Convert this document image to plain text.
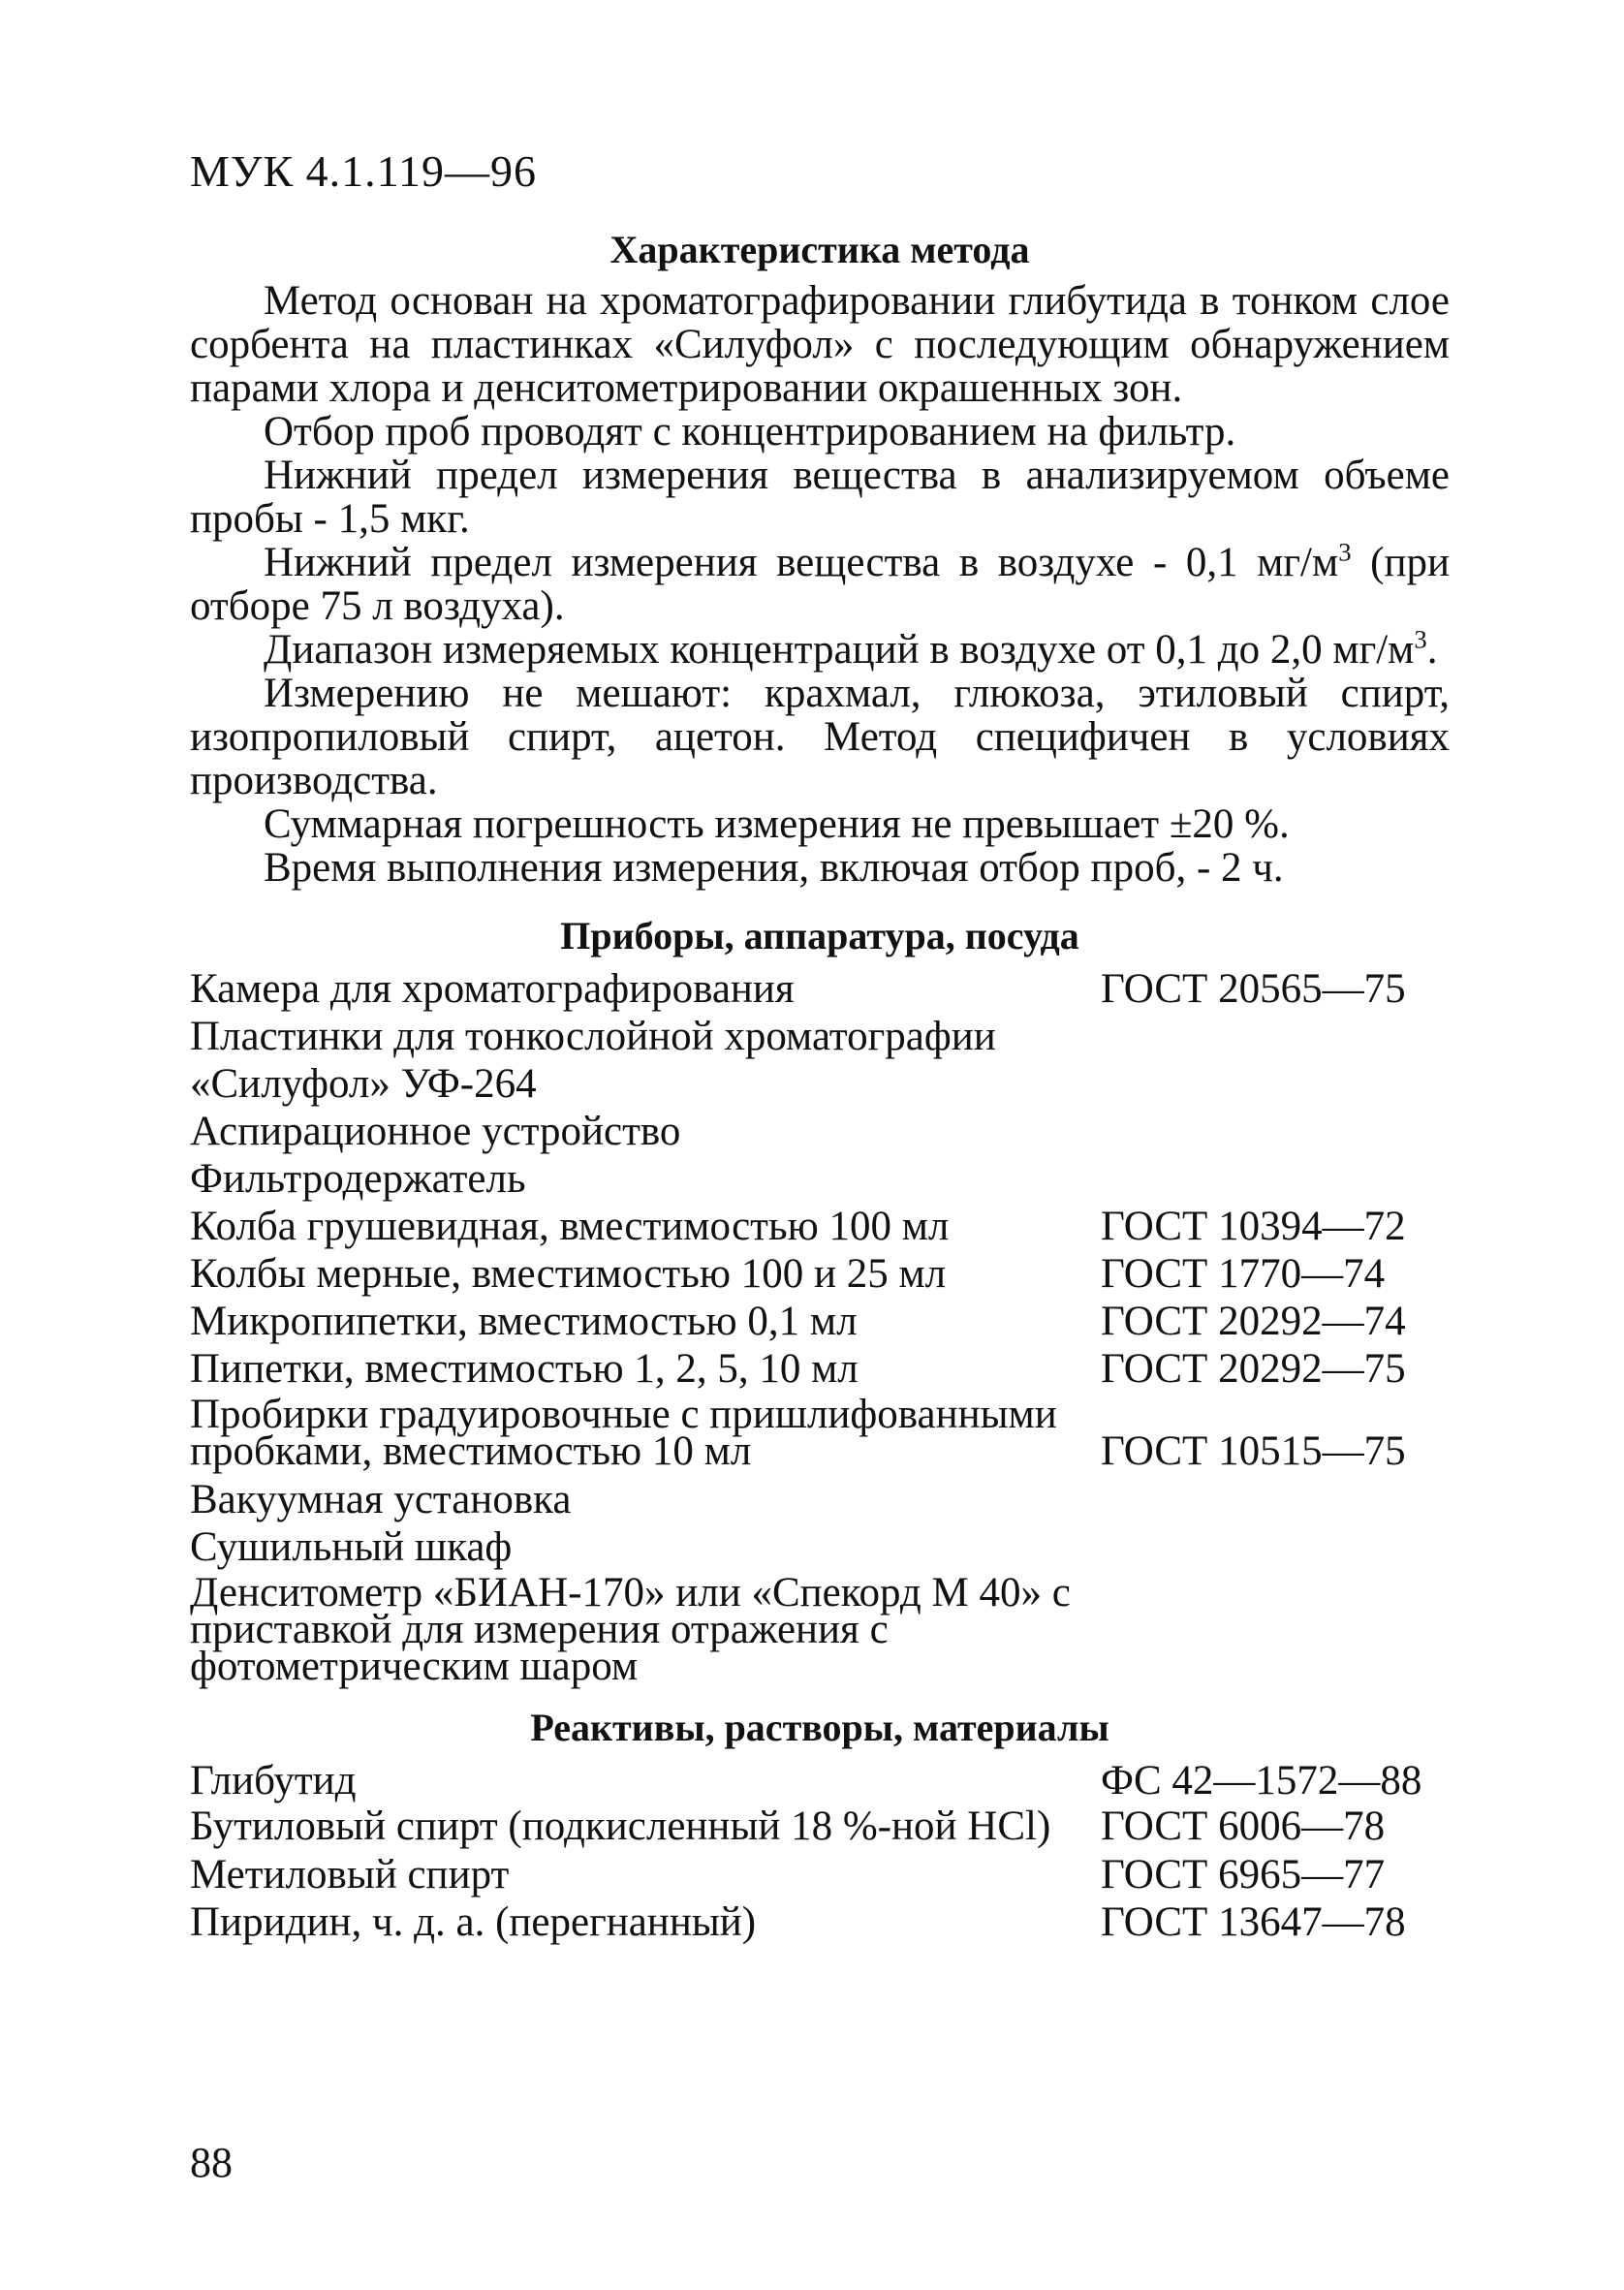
МУК 4.1.119—96
Характеристика метода

Метод основан на хроматографировании глибутида в тонком слое сорбента на пластинках «Силуфол» с последующим обнаружением парами хлора и денситометрировании окрашенных зон.

Отбор проб проводят с концентрированием на фильтр.

Нижний предел измерения вещества в анализируемом объеме пробы - 1,5 мкг.

Нижний предел измерения вещества в воздухе - 0,1 $мг/м^3$ (при отборе 75 л воздуха).

Диапазон измеряемых концентраций в воздухе от 0,1 до 2,0 $мг/м^3$.

Измерению не мешают: крахмал, глюкоза, этиловый спирт, изопропиловый спирт, ацетон. Метод специфичен в условиях производства.

Суммарная погрешность измерения не превышает ±20 %.

Время выполнения измерения, включая отбор проб, - 2 ч.

Приборы, аппаратура, посуда
Камера для хроматографирования	ГОСТ 20565—75
Пластинки для тонкослойной хроматографии «Силуфол» УФ-264
Аспирационное устройство
Фильтродержатель
Колба грушевидная, вместимостью 100 мл	ГОСТ 10394—72
Колбы мерные, вместимостью 100 и 25 мл	ГОСТ 1770—74
Микропипетки, вместимостью 0,1 мл	ГОСТ 20292—74
Пипетки, вместимостью 1, 2, 5, 10 мл	ГОСТ 20292—75
Пробирки градуировочные с пришлифованными пробками, вместимостью 10 мл	ГОСТ 10515—75
Вакуумная установка
Сушильный шкаф
Денситометр «БИАН-170» или «Спекорд М 40» с приставкой для измерения отражения с фотометрическим шаром
Реактивы, растворы, материалы
Глибутид	ФС 42—1572—88
Бутиловый спирт (подкисленный 18 %-ной HCl)	ГОСТ 6006—78
Метиловый спирт	ГОСТ 6965—77
Пиридин, ч. д. а. (перегнанный)	ГОСТ 13647—78
88
